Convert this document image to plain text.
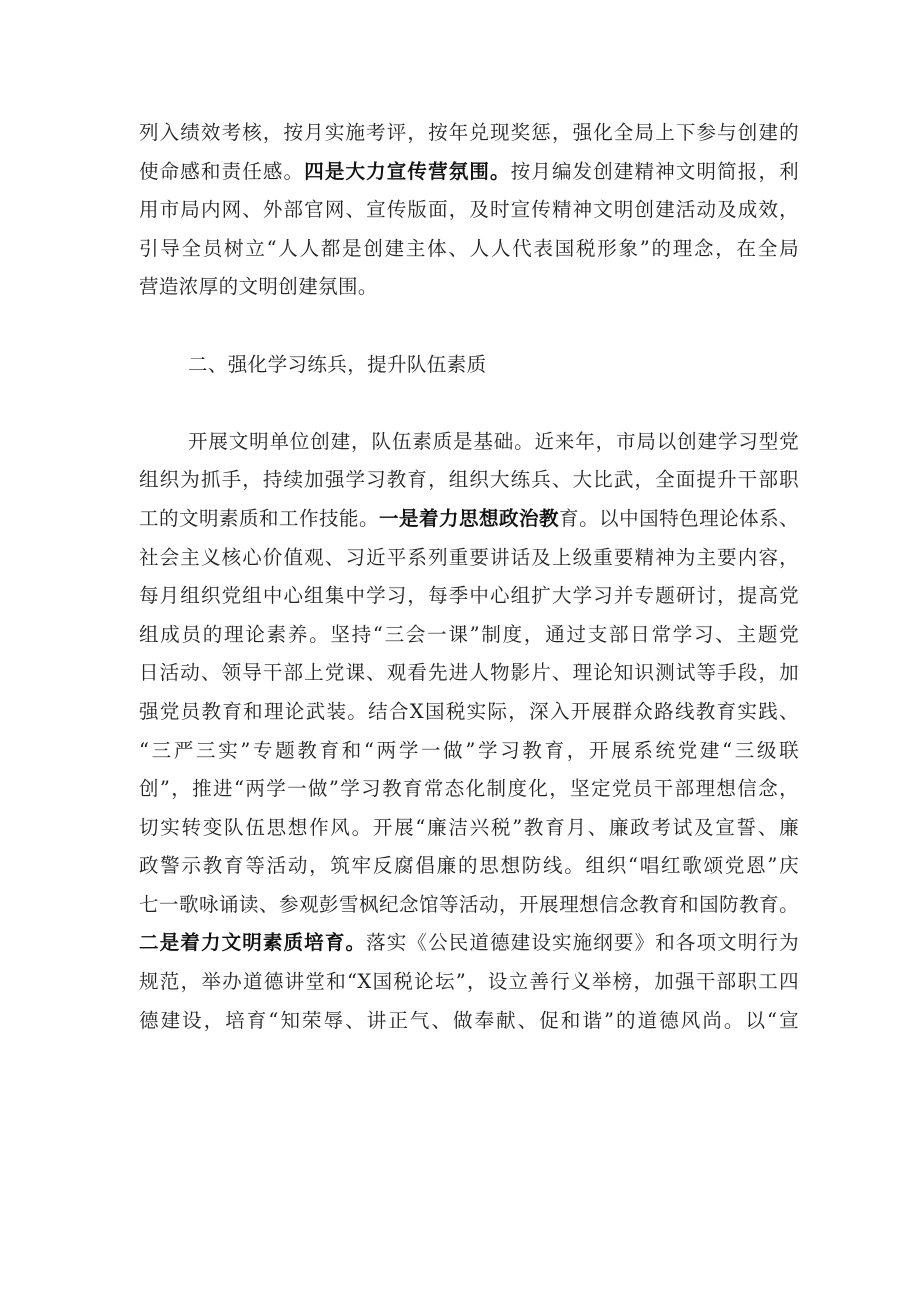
列入绩效考核，按月实施考评，按年兑现奖惩，强化全局上下参与创建的
使命感和责任感。四是大力宣传营氛围。按月编发创建精神文明简报，利
用市局内网、外部官网、宣传版面，及时宣传精神文明创建活动及成效，
引导全员树立“人人都是创建主体、人人代表国税形象”的理念，在全局
营造浓厚的文明创建氛围。
二、强化学习练兵，提升队伍素质
开展文明单位创建，队伍素质是基础。近来年，市局以创建学习型党
组织为抓手，持续加强学习教育，组织大练兵、大比武，全面提升干部职
工的文明素质和工作技能。一是着力思想政治教育。以中国特色理论体系、
社会主义核心价值观、习近平系列重要讲话及上级重要精神为主要内容，
每月组织党组中心组集中学习，每季中心组扩大学习并专题研讨，提高党
组成员的理论素养。坚持“三会一课”制度，通过支部日常学习、主题党
日活动、领导干部上党课、观看先进人物影片、理论知识测试等手段，加
强党员教育和理论武装。结合X国税实际，深入开展群众路线教育实践、
“三严三实”专题教育和“两学一做”学习教育，开展系统党建“三级联
创”，推进“两学一做”学习教育常态化制度化，坚定党员干部理想信念，
切实转变队伍思想作风。开展“廉洁兴税”教育月、廉政考试及宣誓、廉
政警示教育等活动，筑牢反腐倡廉的思想防线。组织“唱红歌颂党恩”庆
七一歌咏诵读、参观彭雪枫纪念馆等活动，开展理想信念教育和国防教育。
二是着力文明素质培育。落实《公民道德建设实施纲要》和各项文明行为
规范，举办道德讲堂和“X国税论坛”，设立善行义举榜，加强干部职工四
德建设，培育“知荣辱、讲正气、做奉献、促和谐”的道德风尚。以“宣
